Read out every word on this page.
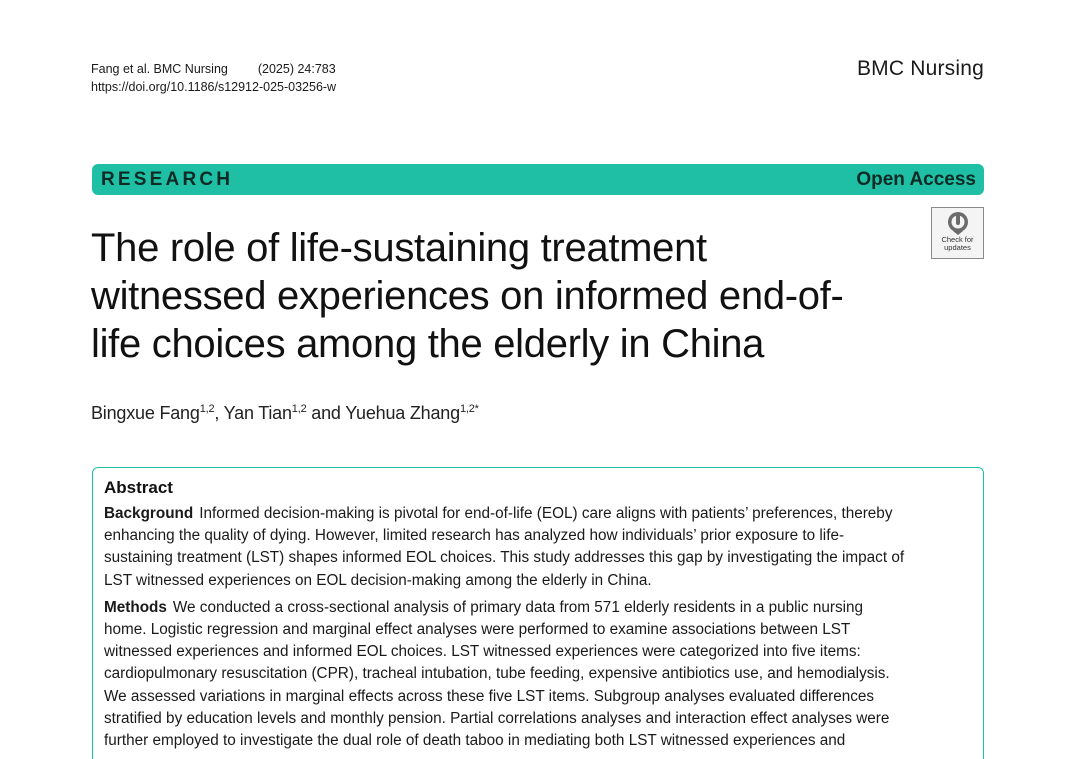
Fang et al. BMC Nursing (2025) 24:783
https://doi.org/10.1186/s12912-025-03256-w
BMC Nursing
RESEARCH	Open Access
Check for
updates
The role of life-sustaining treatment
witnessed experiences on informed end-of-
life choices among the elderly in China
Bingxue Fang$^{1,2}$, Yan Tian$^{1,2}$ and Yuehua Zhang$^{1,2*}$
Abstract

Background Informed decision-making is pivotal for end-of-life (EOL) care aligns with patients’ preferences, thereby
enhancing the quality of dying. However, limited research has analyzed how individuals’ prior exposure to life-
sustaining treatment (LST) shapes informed EOL choices. This study addresses this gap by investigating the impact of
LST witnessed experiences on EOL decision-making among the elderly in China.

Methods We conducted a cross-sectional analysis of primary data from 571 elderly residents in a public nursing
home. Logistic regression and marginal effect analyses were performed to examine associations between LST
witnessed experiences and informed EOL choices. LST witnessed experiences were categorized into five items:
cardiopulmonary resuscitation (CPR), tracheal intubation, tube feeding, expensive antibiotics use, and hemodialysis.
We assessed variations in marginal effects across these five LST items. Subgroup analyses evaluated differences
stratified by education levels and monthly pension. Partial correlations analyses and interaction effect analyses were
further employed to investigate the dual role of death taboo in mediating both LST witnessed experiences and
